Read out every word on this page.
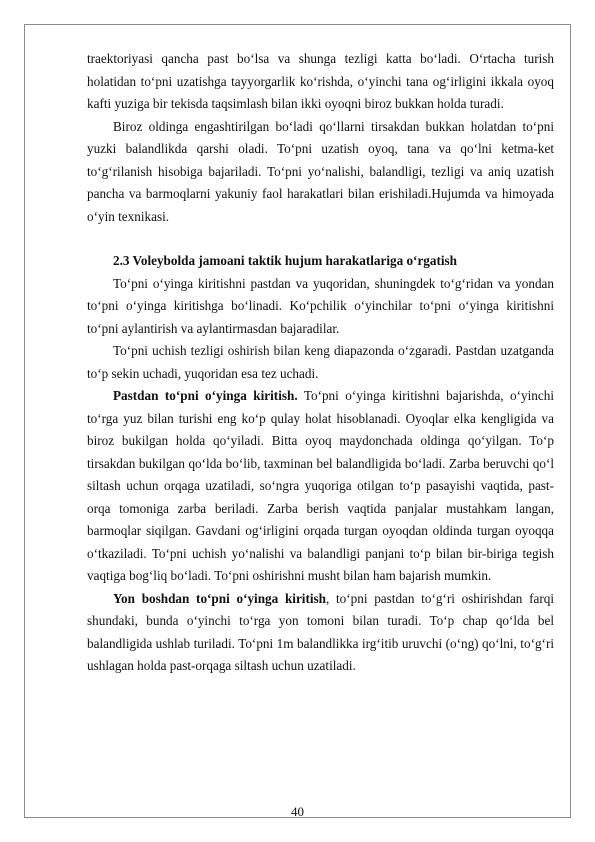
traektoriyasi qancha past bo‘lsa va shunga tezligi katta bo‘ladi. O‘rtacha turish holatidan to‘pni uzatishga tayyorgarlik ko‘rishda, o‘yinchi tana og‘irligini ikkala oyoq kafti yuziga bir tekisda taqsimlash bilan ikki oyoqni biroz bukkan holda turadi.

Biroz oldinga engashtirilgan bo‘ladi qo‘llarni tirsakdan bukkan holatdan to‘pni yuzki balandlikda qarshi oladi. To‘pni uzatish oyoq, tana va qo‘lni ketma-ket to‘g‘rilanish hisobiga bajariladi. To‘pni yo‘nalishi, balandligi, tezligi va aniq uzatish pancha va barmoqlarni yakuniy faol harakatlari bilan erishiladi.Hujumda va himoyada o‘yin texnikasi.

2.3 Voleybolda jamoani taktik hujum harakatlariga o‘rgatish

To‘pni o‘yinga kiritishni pastdan va yuqoridan, shuningdek to‘g‘ridan va yondan to‘pni o‘yinga kiritishga bo‘linadi. Ko‘pchilik o‘yinchilar to‘pni o‘yinga kiritishni to‘pni aylantirish va aylantirmasdan bajaradilar.

To‘pni uchish tezligi oshirish bilan keng diapazonda o‘zgaradi. Pastdan uzatganda to‘p sekin uchadi, yuqoridan esa tez uchadi.

Pastdan to‘pni o‘yinga kiritish. To‘pni o‘yinga kiritishni bajarishda, o‘yinchi to‘rga yuz bilan turishi eng ko‘p qulay holat hisoblanadi. Oyoqlar elka kengligida va biroz bukilgan holda qo‘yiladi. Bitta oyoq maydonchada oldinga qo‘yilgan. To‘p tirsakdan bukilgan qo‘lda bo‘lib, taxminan bel balandligida bo‘ladi. Zarba beruvchi qo‘l siltash uchun orqaga uzatiladi, so‘ngra yuqoriga otilgan to‘p pasayishi vaqtida, past-orqa tomoniga zarba beriladi. Zarba berish vaqtida panjalar mustahkam langan, barmoqlar siqilgan. Gavdani og‘irligini orqada turgan oyoqdan oldinda turgan oyoqqa o‘tkaziladi. To‘pni uchish yo‘nalishi va balandligi panjani to‘p bilan bir-biriga tegish vaqtiga bog‘liq bo‘ladi. To‘pni oshirishni musht bilan ham bajarish mumkin.

Yon boshdan to‘pni o‘yinga kiritish, to‘pni pastdan to‘g‘ri oshirishdan farqi shundaki, bunda o‘yinchi to‘rga yon tomoni bilan turadi. To‘p chap qo‘lda bel balandligida ushlab turiladi. To‘pni 1m balandlikka irg‘itib uruvchi (o‘ng) qo‘lni, to‘g‘ri ushlagan holda past-orqaga siltash uchun uzatiladi.

40
